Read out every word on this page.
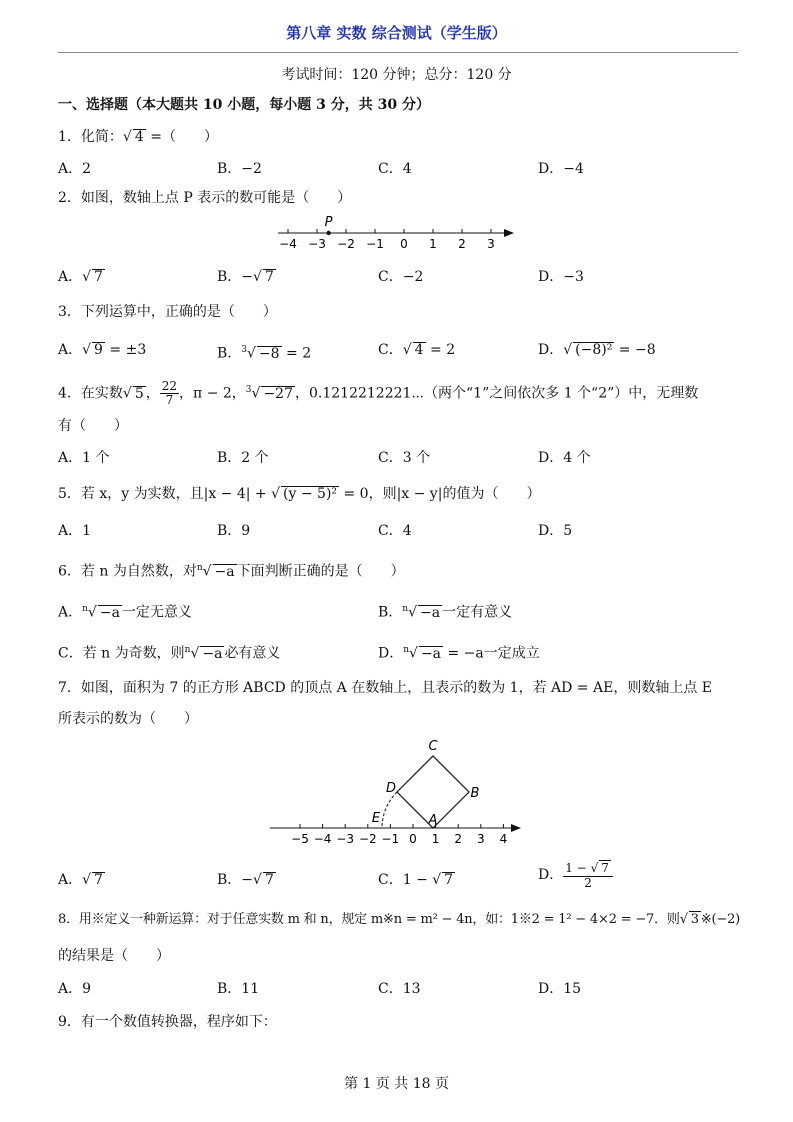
第八章 实数 综合测试（学生版）
考试时间：120 分钟；总分：120 分
一、选择题（本大题共 10 小题，每小题 3 分，共 30 分）
1．化简：√ 4 =（　　）
A．2	B．−2	C．4	D．−4
2．如图，数轴上点 P 表示的数可能是（　　）
−4 −3 −2 −1 0 1 2 3
P
A．√ 7	B．−√ 7	C．−2	D．−3
3．下列运算中，正确的是（　　）
A．√ 9 = ±3	B．$^3$√ −8 = 2	C．√ 4 = 2	D．√ (−8)² = −8
4．在实数√ 5 ， $\frac{22}{7}$ ，π − 2，$^3$√ −27 ，0.1212212221⋯（两个“1”之间依次多 1 个“2”）中，无理数
有（　　）
A．1 个	B．2 个	C．3 个	D．4 个
5．若 x，y 为实数，且|x − 4| + √ (y − 5)² = 0，则|x − y|的值为（　　）
A．1	B．9	C．4	D．5
6．若 n 为自然数，对$^n$√ −a 下面判断正确的是（　　）
A．$^n$√ −a 一定无意义	B．$^n$√ −a 一定有意义
C．若 n 为奇数，则$^n$√ −a 必有意义	D．$^n$√ −a = −a一定成立
7．如图，面积为 7 的正方形 ABCD 的顶点 A 在数轴上，且表示的数为 1，若 AD = AE，则数轴上点 E
所表示的数为（　　）
−5 −4 −3 −2 −1 0 1 2 3 4
C
D	B
E	A
A．√ 7	B．−√ 7	C．1 − √ 7	D． $\frac{1 - √ 7}{2}$
8．用※定义一种新运算：对于任意实数 m 和 n，规定 m※n = m² − 4n，如：1※2 = 1² − 4×2 = −7．则√ 3 ※(−2)
的结果是（　　）
A．9	B．11	C．13	D．15
9．有一个数值转换器，程序如下：
第 1 页 共 18 页
